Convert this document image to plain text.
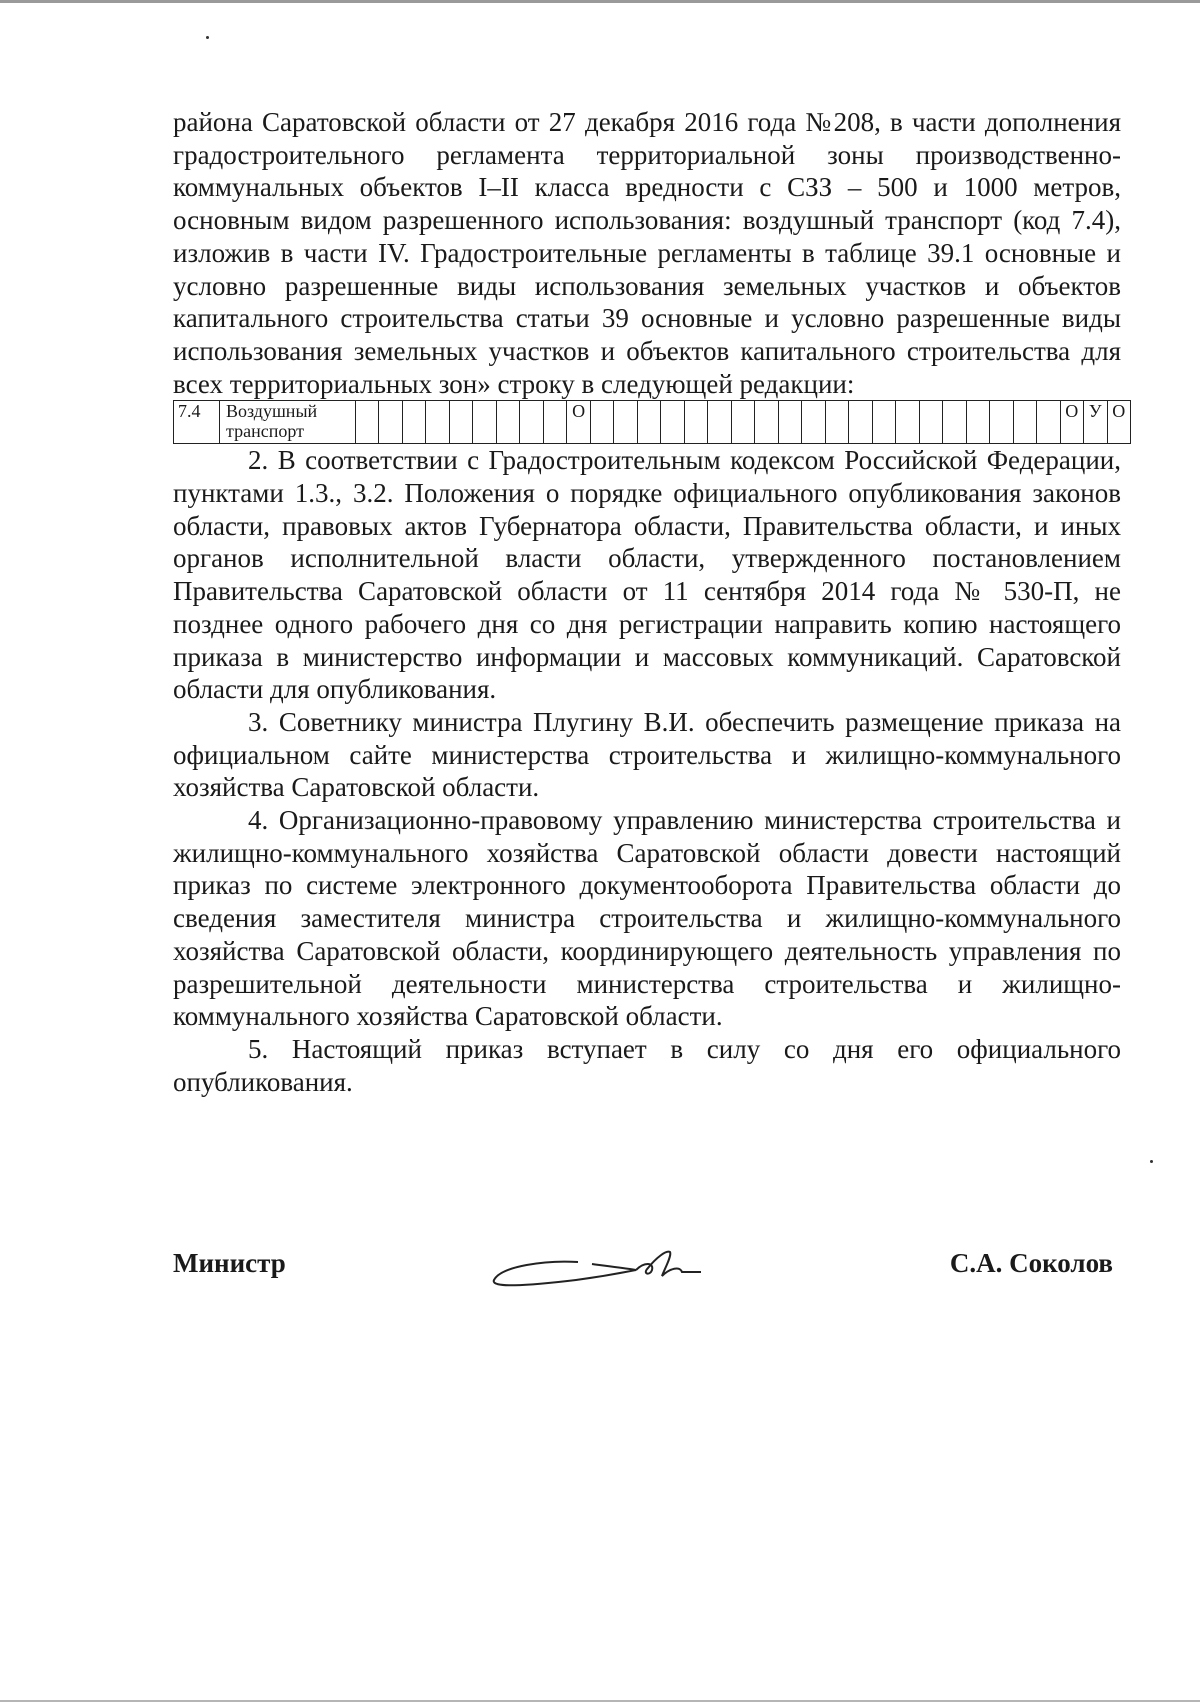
района Саратовской области от 27 декабря 2016 года №208, в части дополнения градостроительного регламента территориальной зоны производственно-коммунальных объектов I–II класса вредности с СЗЗ – 500 и 1000 метров, основным видом разрешенного использования: воздушный транспорт (код 7.4), изложив в части IV. Градостроительные регламенты в таблице 39.1 основные и условно разрешенные виды использования земельных участков и объектов капитального строительства статьи 39 основные и условно разрешенные виды использования земельных участков и объектов капитального строительства для всех территориальных зон» строку в следующей редакции:

7.4	Воздушный транспорт										О																					О	У	О

2. В соответствии с Градостроительным кодексом Российской Федерации, пунктами 1.3., 3.2. Положения о порядке официального опубликования законов области, правовых актов Губернатора области, Правительства области, и иных органов исполнительной власти области, утвержденного постановлением Правительства Саратовской области от 11 сентября 2014 года № 530-П, не позднее одного рабочего дня со дня регистрации направить копию настоящего приказа в министерство информации и массовых коммуникаций. Саратовской области для опубликования.

3. Советнику министра Плугину В.И. обеспечить размещение приказа на официальном сайте министерства строительства и жилищно-коммунального хозяйства Саратовской области.

4. Организационно-правовому управлению министерства строительства и жилищно-коммунального хозяйства Саратовской области довести настоящий приказ по системе электронного документооборота Правительства области до сведения заместителя министра строительства и жилищно-коммунального хозяйства Саратовской области, координирующего деятельность управления по разрешительной деятельности министерства строительства и жилищно-коммунального хозяйства Саратовской области.

5. Настоящий приказ вступает в силу со дня его официального опубликования.

Министр	С.А. Соколов
